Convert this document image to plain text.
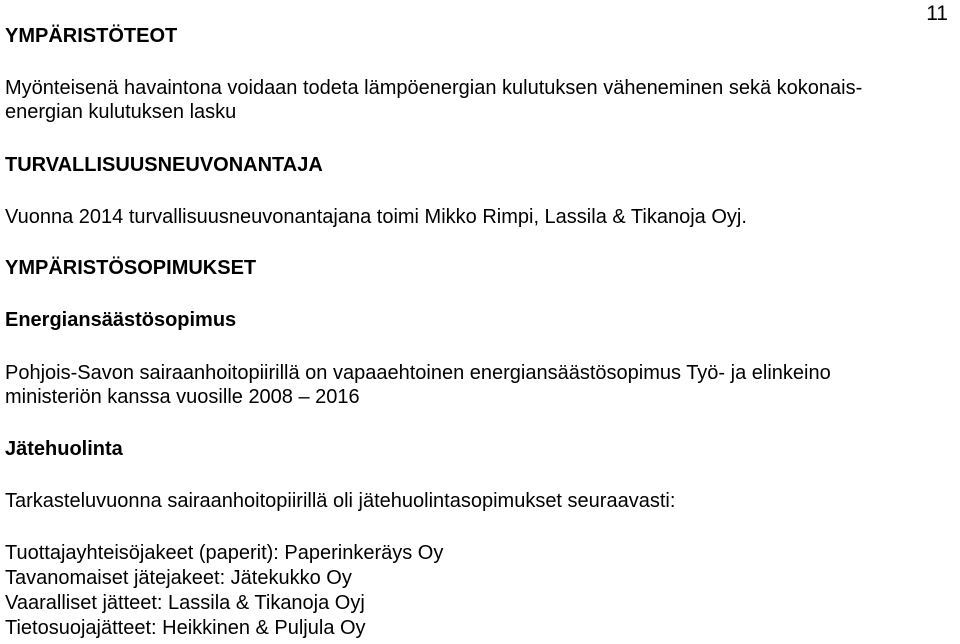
11
YMPÄRISTÖTEOT
Myönteisenä havaintona voidaan todeta lämpöenergian kulutuksen väheneminen sekä kokonais-
energian kulutuksen lasku
TURVALLISUUSNEUVONANTAJA
Vuonna 2014 turvallisuusneuvonantajana toimi Mikko Rimpi, Lassila & Tikanoja Oyj.
YMPÄRISTÖSOPIMUKSET
Energiansäästösopimus
Pohjois-Savon sairaanhoitopiirillä on vapaaehtoinen energiansäästösopimus Työ- ja elinkeino
ministeriön kanssa vuosille 2008 – 2016
Jätehuolinta
Tarkasteluvuonna sairaanhoitopiirillä oli jätehuolintasopimukset seuraavasti:
Tuottajayhteisöjakeet (paperit): Paperinkeräys Oy
Tavanomaiset jätejakeet: Jätekukko Oy
Vaaralliset jätteet: Lassila & Tikanoja Oyj
Tietosuojajätteet: Heikkinen & Puljula Oy
